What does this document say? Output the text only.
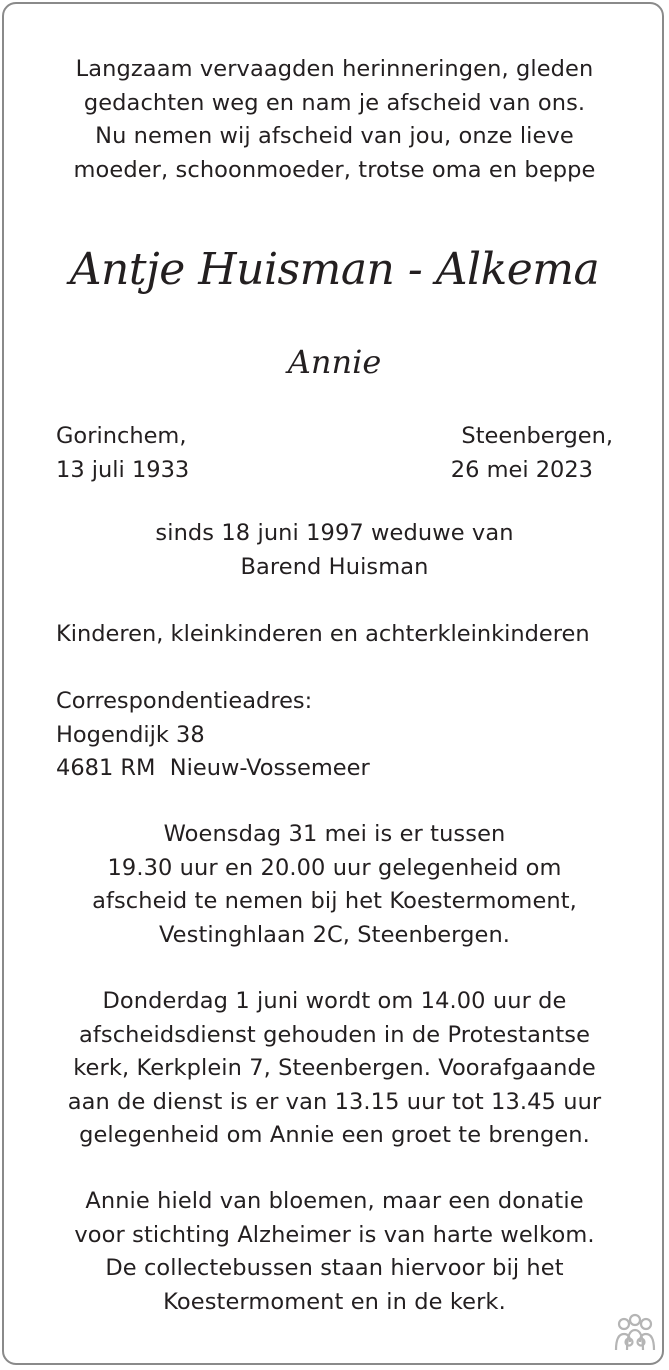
Langzaam vervaagden herinneringen, gleden
gedachten weg en nam je afscheid van ons.
Nu nemen wij afscheid van jou, onze lieve
moeder, schoonmoeder, trotse oma en beppe
Antje Huisman - Alkema
Annie
Gorinchem,
13 juli 1933
Steenbergen,
26 mei 2023
sinds 18 juni 1997 weduwe van
Barend Huisman
Kinderen, kleinkinderen en achterkleinkinderen
Correspondentieadres:
Hogendijk 38
4681 RM  Nieuw-Vossemeer
Woensdag 31 mei is er tussen
19.30 uur en 20.00 uur gelegenheid om
afscheid te nemen bij het Koestermoment,
Vestinghlaan 2C, Steenbergen.
Donderdag 1 juni wordt om 14.00 uur de
afscheidsdienst gehouden in de Protestantse
kerk, Kerkplein 7, Steenbergen. Voorafgaande
aan de dienst is er van 13.15 uur tot 13.45 uur
gelegenheid om Annie een groet te brengen.
Annie hield van bloemen, maar een donatie
voor stichting Alzheimer is van harte welkom.
De collectebussen staan hiervoor bij het
Koestermoment en in de kerk.
